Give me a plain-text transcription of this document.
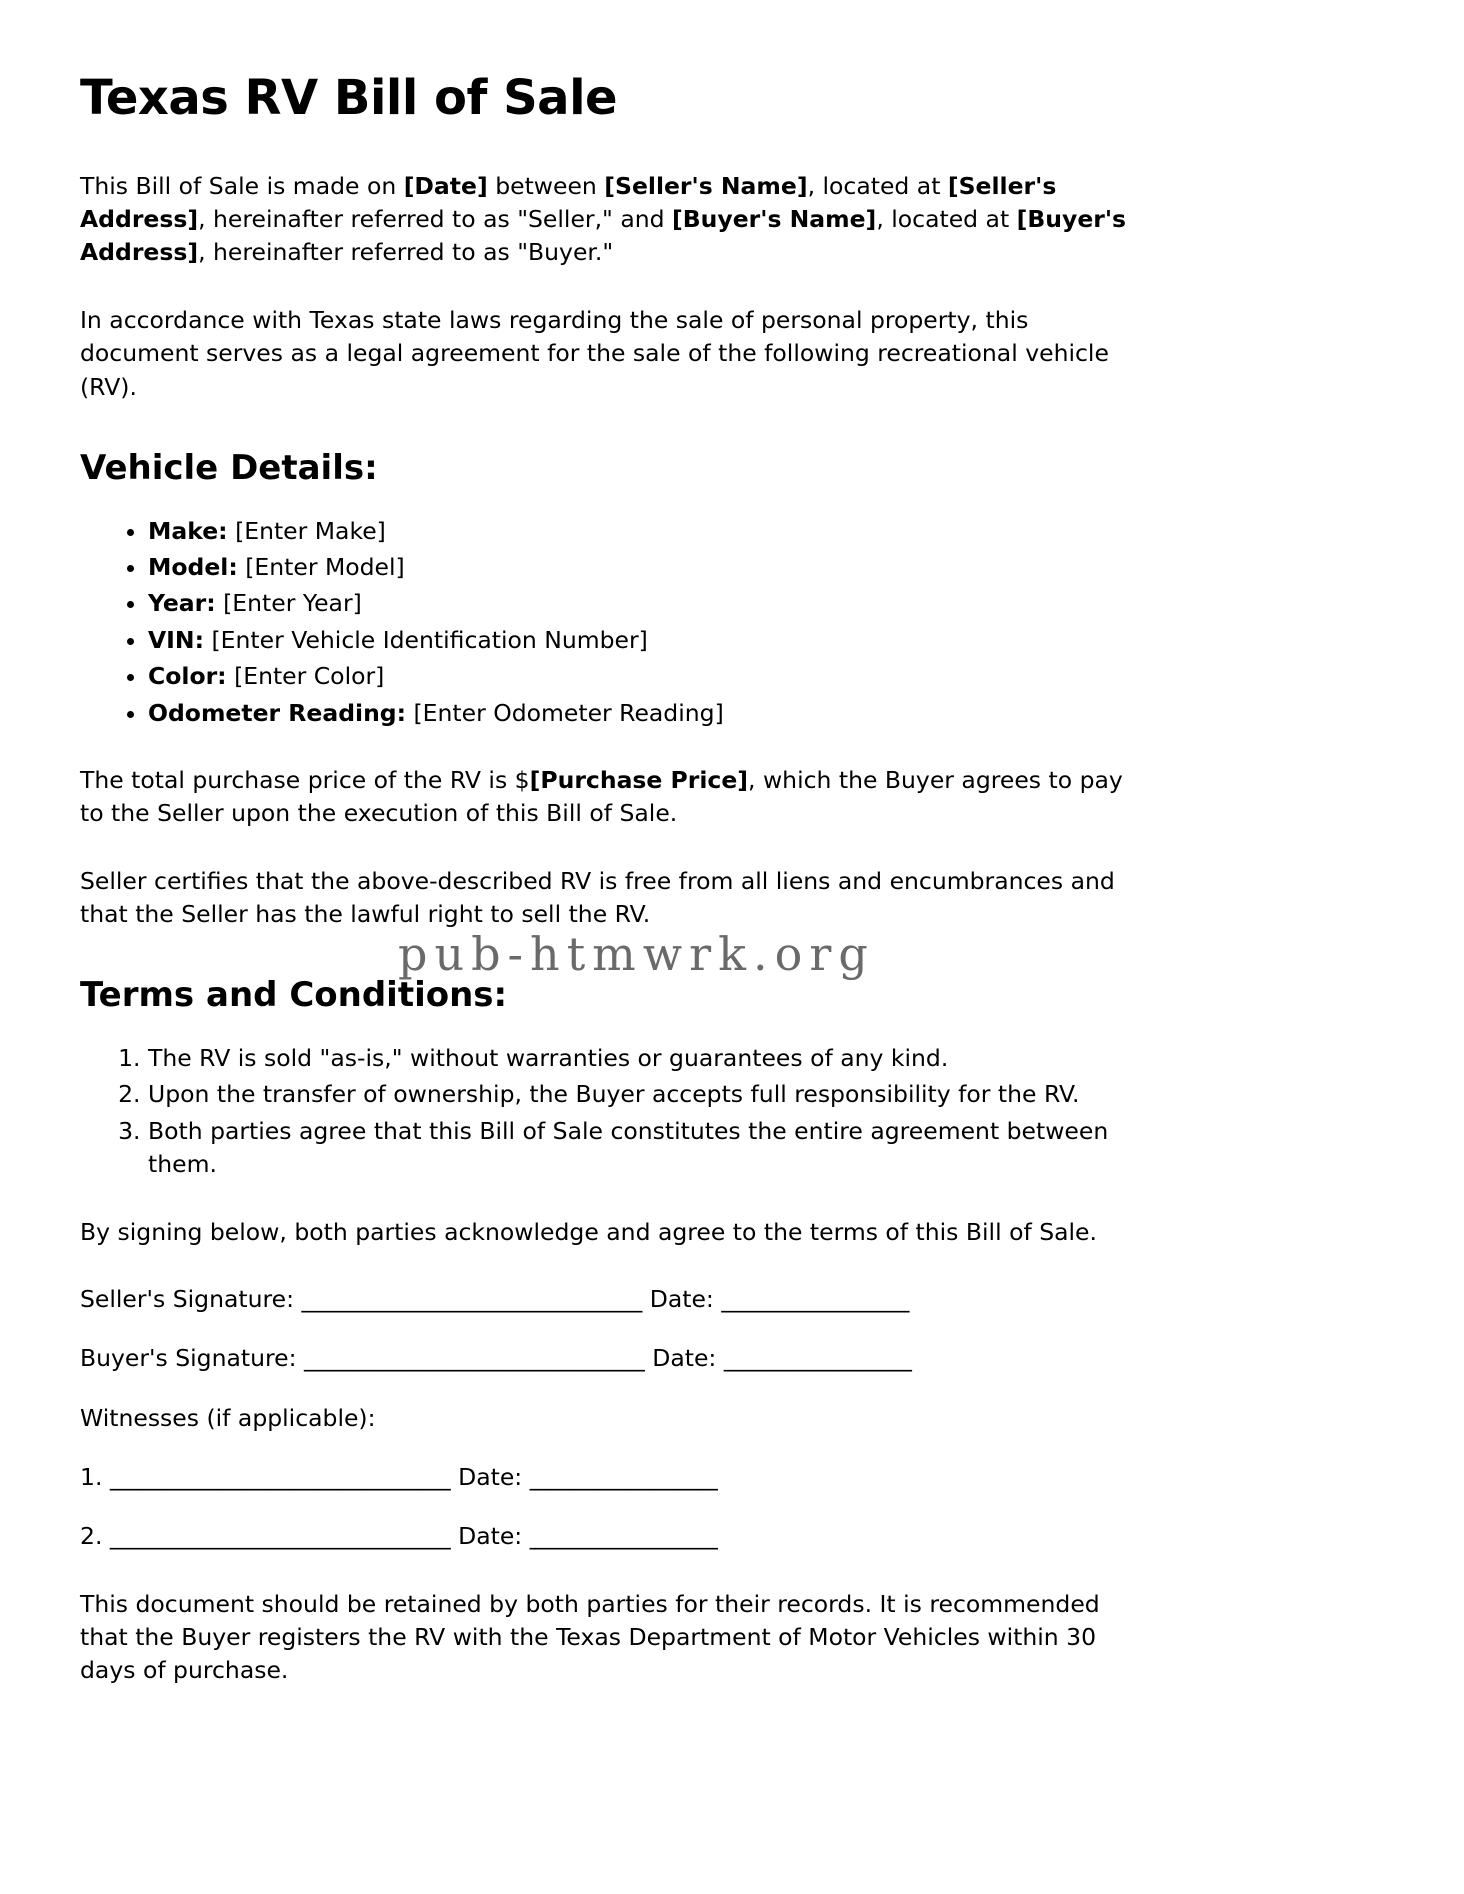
Texas RV Bill of Sale

This Bill of Sale is made on [Date] between [Seller's Name], located at [Seller's Address], hereinafter referred to as "Seller," and [Buyer's Name], located at [Buyer's Address], hereinafter referred to as "Buyer."

In accordance with Texas state laws regarding the sale of personal property, this document serves as a legal agreement for the sale of the following recreational vehicle (RV).

Vehicle Details:
• Make: [Enter Make]
• Model: [Enter Model]
• Year: [Enter Year]
• VIN: [Enter Vehicle Identification Number]
• Color: [Enter Color]
• Odometer Reading: [Enter Odometer Reading]

The total purchase price of the RV is $[Purchase Price], which the Buyer agrees to pay to the Seller upon the execution of this Bill of Sale.

Seller certifies that the above-described RV is free from all liens and encumbrances and that the Seller has the lawful right to sell the RV.

Terms and Conditions:
1. The RV is sold "as-is," without warranties or guarantees of any kind.
2. Upon the transfer of ownership, the Buyer accepts full responsibility for the RV.
3. Both parties agree that this Bill of Sale constitutes the entire agreement between them.

By signing below, both parties acknowledge and agree to the terms of this Bill of Sale.

Seller's Signature: _____________________________ Date: ________________
Buyer's Signature: _____________________________ Date: ________________
Witnesses (if applicable):
1. _____________________________ Date: ________________
2. _____________________________ Date: ________________

This document should be retained by both parties for their records. It is recommended that the Buyer registers the RV with the Texas Department of Motor Vehicles within 30 days of purchase.

pub-htmwrk.org
